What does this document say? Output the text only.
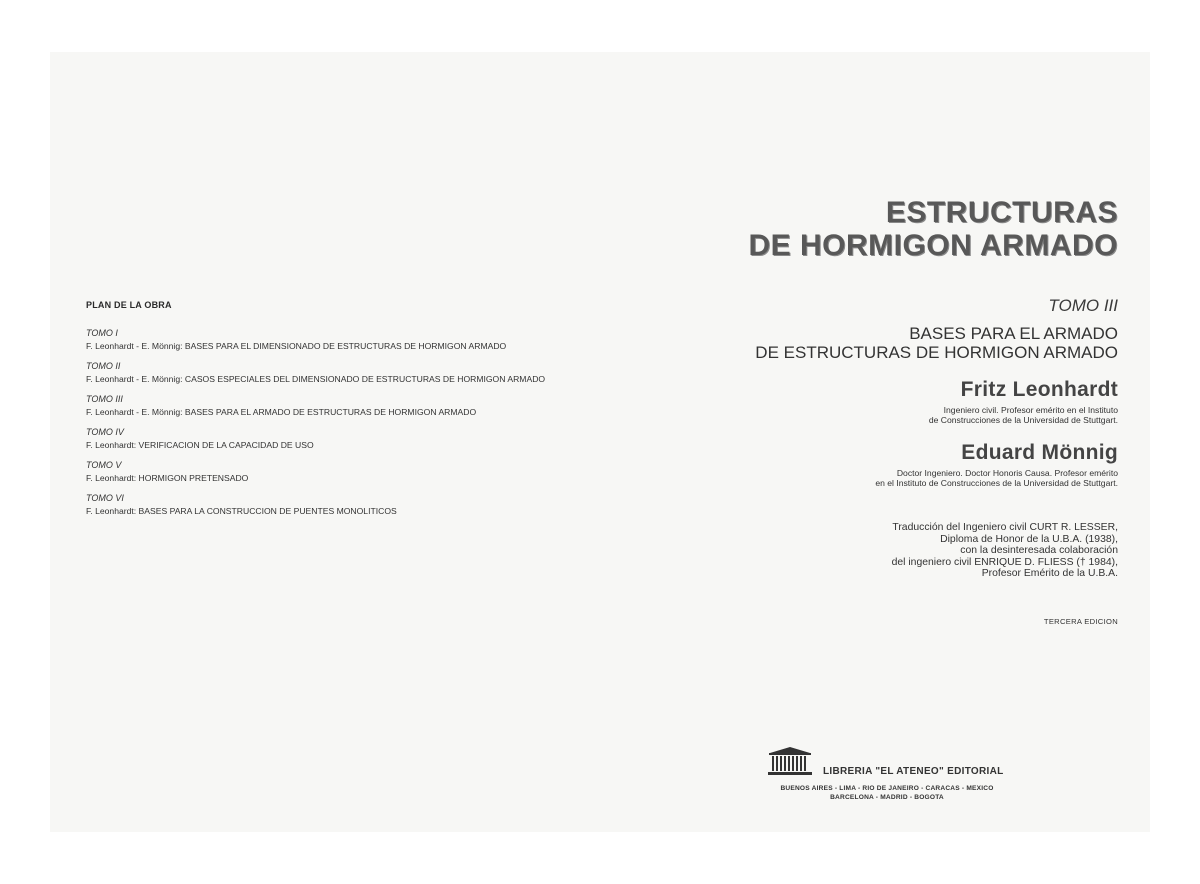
PLAN DE LA OBRA
TOMO I
F. Leonhardt - E. Mönnig: BASES PARA EL DIMENSIONADO DE ESTRUCTURAS DE HORMIGON ARMADO
TOMO II
F. Leonhardt - E. Mönnig: CASOS ESPECIALES DEL DIMENSIONADO DE ESTRUCTURAS DE HORMIGON ARMADO
TOMO III
F. Leonhardt - E. Mönnig: BASES PARA EL ARMADO DE ESTRUCTURAS DE HORMIGON ARMADO
TOMO IV
F. Leonhardt: VERIFICACION DE LA CAPACIDAD DE USO
TOMO V
F. Leonhardt: HORMIGON PRETENSADO
TOMO VI
F. Leonhardt: BASES PARA LA CONSTRUCCION DE PUENTES MONOLITICOS
ESTRUCTURAS
DE HORMIGON ARMADO
TOMO III
BASES PARA EL ARMADO
DE ESTRUCTURAS DE HORMIGON ARMADO
Fritz Leonhardt
Ingeniero civil. Profesor emérito en el Instituto
de Construcciones de la Universidad de Stuttgart.
Eduard Mönnig
Doctor Ingeniero. Doctor Honoris Causa. Profesor emérito
en el Instituto de Construcciones de la Universidad de Stuttgart.
Traducción del Ingeniero civil CURT R. LESSER,
Diploma de Honor de la U.B.A. (1938),
con la desinteresada colaboración
del ingeniero civil ENRIQUE D. FLIESS († 1984),
Profesor Emérito de la U.B.A.
TERCERA EDICION
LIBRERIA "EL ATENEO" EDITORIAL
BUENOS AIRES - LIMA - RIO DE JANEIRO - CARACAS - MEXICO
BARCELONA - MADRID - BOGOTA
